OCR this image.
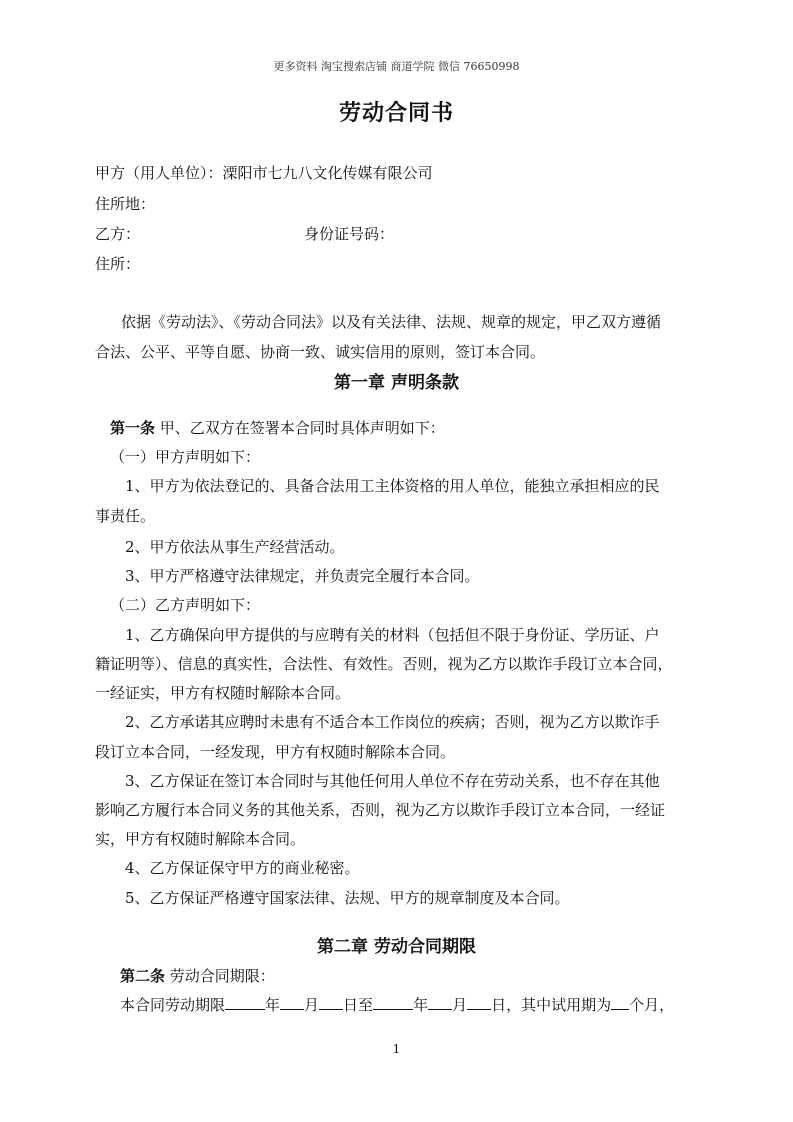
更多资料 淘宝搜索店铺 商道学院 微信 76650998
劳动合同书
甲方（用人单位）：溧阳市七九八文化传媒有限公司
住所地：
乙方：	身份证号码：
住所：
依据《劳动法》、《劳动合同法》以及有关法律、法规、规章的规定，甲乙双方遵循
合法、公平、平等自愿、协商一致、诚实信用的原则，签订本合同。
第一章 声明条款
第一条 甲、乙双方在签署本合同时具体声明如下：
（一）甲方声明如下：
1、甲方为依法登记的、具备合法用工主体资格的用人单位，能独立承担相应的民
事责任。
2、甲方依法从事生产经营活动。
3、甲方严格遵守法律规定，并负责完全履行本合同。
（二）乙方声明如下：
1、乙方确保向甲方提供的与应聘有关的材料（包括但不限于身份证、学历证、户
籍证明等）、信息的真实性，合法性、有效性。否则，视为乙方以欺诈手段订立本合同，
一经证实，甲方有权随时解除本合同。
2、乙方承诺其应聘时未患有不适合本工作岗位的疾病；否则，视为乙方以欺诈手
段订立本合同，一经发现，甲方有权随时解除本合同。
3、乙方保证在签订本合同时与其他任何用人单位不存在劳动关系，也不存在其他
影响乙方履行本合同义务的其他关系，否则，视为乙方以欺诈手段订立本合同，一经证
实，甲方有权随时解除本合同。
4、乙方保证保守甲方的商业秘密。
5、乙方保证严格遵守国家法律、法规、甲方的规章制度及本合同。
第二章 劳动合同期限
第二条 劳动合同期限：
本合同劳动期限	年 月 日至	年 月 日，其中试用期为 个月，
1
